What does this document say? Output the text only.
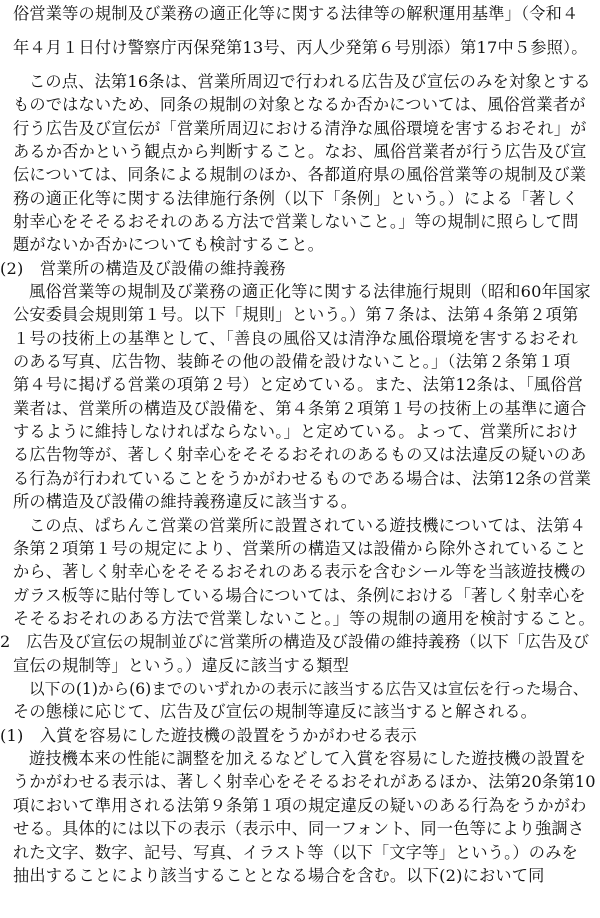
俗営業等の規制及び業務の適正化等に関する法律等の解釈運用基準」（令和４
年４月１日付け警察庁丙保発第13号、丙人少発第６号別添）第17中５参照）。
この点、法第16条は、営業所周辺で行われる広告及び宣伝のみを対象とする
ものではないため、同条の規制の対象となるか否かについては、風俗営業者が
行う広告及び宣伝が「営業所周辺における清浄な風俗環境を害するおそれ」が
あるか否かという観点から判断すること。なお、風俗営業者が行う広告及び宣
伝については、同条による規制のほか、各都道府県の風俗営業等の規制及び業
務の適正化等に関する法律施行条例（以下「条例」という。）による「著しく
射幸心をそそるおそれのある方法で営業しないこと。」等の規制に照らして問
題がないか否かについても検討すること。
(2)　営業所の構造及び設備の維持義務
風俗営業等の規制及び業務の適正化等に関する法律施行規則（昭和60年国家
公安委員会規則第１号。以下「規則」という。）第７条は、法第４条第２項第
１号の技術上の基準として、「善良の風俗又は清浄な風俗環境を害するおそれ
のある写真、広告物、装飾その他の設備を設けないこと。」（法第２条第１項
第４号に掲げる営業の項第２号）と定めている。また、法第12条は、「風俗営
業者は、営業所の構造及び設備を、第４条第２項第１号の技術上の基準に適合
するように維持しなければならない。」と定めている。よって、営業所におけ
る広告物等が、著しく射幸心をそそるおそれのあるもの又は法違反の疑いのあ
る行為が行われていることをうかがわせるものである場合は、法第12条の営業
所の構造及び設備の維持義務違反に該当する。
この点、ぱちんこ営業の営業所に設置されている遊技機については、法第４
条第２項第１号の規定により、営業所の構造又は設備から除外されていること
から、著しく射幸心をそそるおそれのある表示を含むシール等を当該遊技機の
ガラス板等に貼付等している場合については、条例における「著しく射幸心を
そそるおそれのある方法で営業しないこと。」等の規制の適用を検討すること。
2　広告及び宣伝の規制並びに営業所の構造及び設備の維持義務（以下「広告及び
宣伝の規制等」という。）違反に該当する類型
以下の(1)から(6)までのいずれかの表示に該当する広告又は宣伝を行った場合、
その態様に応じて、広告及び宣伝の規制等違反に該当すると解される。
(1)　入賞を容易にした遊技機の設置をうかがわせる表示
遊技機本来の性能に調整を加えるなどして入賞を容易にした遊技機の設置を
うかがわせる表示は、著しく射幸心をそそるおそれがあるほか、法第20条第10
項において準用される法第９条第１項の規定違反の疑いのある行為をうかがわ
せる。具体的には以下の表示（表示中、同一フォント、同一色等により強調さ
れた文字、数字、記号、写真、イラスト等（以下「文字等」という。）のみを
抽出することにより該当することとなる場合を含む。以下(2)において同
